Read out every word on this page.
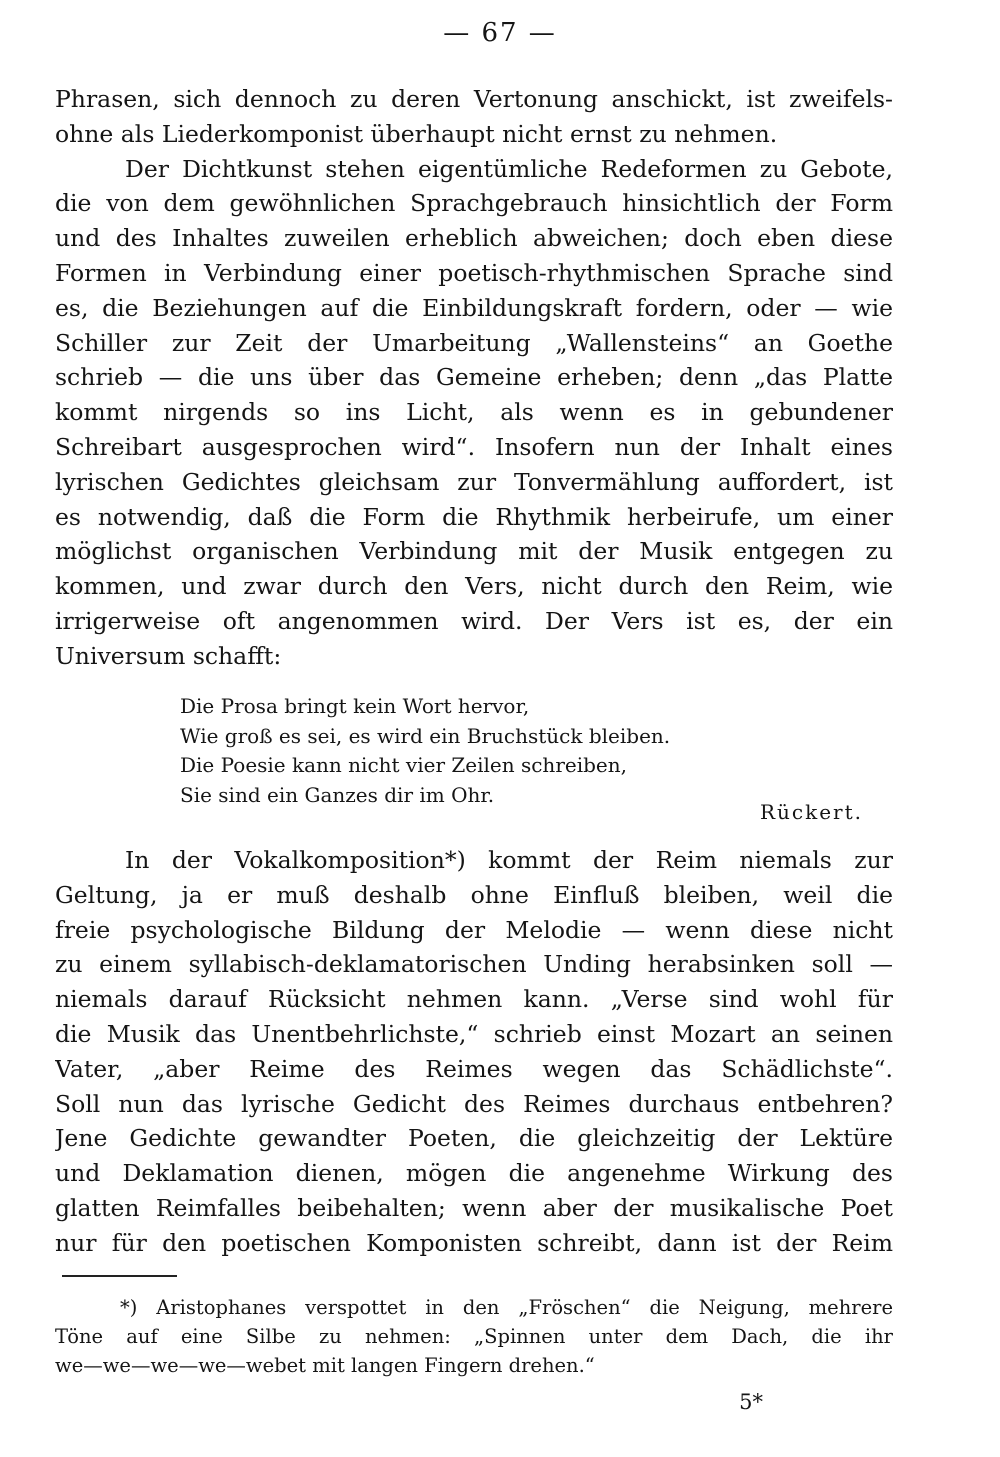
— 67 —
Phrasen, sich dennoch zu deren Vertonung anschickt, ist zweifels-
ohne als Liederkomponist überhaupt nicht ernst zu nehmen.
Der Dichtkunst stehen eigentümliche Redeformen zu Gebote,
die von dem gewöhnlichen Sprachgebrauch hinsichtlich der Form
und des Inhaltes zuweilen erheblich abweichen; doch eben diese
Formen in Verbindung einer poetisch-rhythmischen Sprache sind
es, die Beziehungen auf die Einbildungskraft fordern, oder — wie
Schiller zur Zeit der Umarbeitung „Wallensteins“ an Goethe
schrieb — die uns über das Gemeine erheben; denn „das Platte
kommt nirgends so ins Licht, als wenn es in gebundener
Schreibart ausgesprochen wird“. Insofern nun der Inhalt eines
lyrischen Gedichtes gleichsam zur Tonvermählung auffordert, ist
es notwendig, daß die Form die Rhythmik herbeirufe, um einer
möglichst organischen Verbindung mit der Musik entgegen zu
kommen, und zwar durch den Vers, nicht durch den Reim, wie
irrigerweise oft angenommen wird. Der Vers ist es, der ein
Universum schafft:
Die Prosa bringt kein Wort hervor,
Wie groß es sei, es wird ein Bruchstück bleiben.
Die Poesie kann nicht vier Zeilen schreiben,
Sie sind ein Ganzes dir im Ohr.
Rückert.
In der Vokalkomposition*) kommt der Reim niemals zur
Geltung, ja er muß deshalb ohne Einfluß bleiben, weil die
freie psychologische Bildung der Melodie — wenn diese nicht
zu einem syllabisch-deklamatorischen Unding herabsinken soll —
niemals darauf Rücksicht nehmen kann. „Verse sind wohl für
die Musik das Unentbehrlichste,“ schrieb einst Mozart an seinen
Vater, „aber Reime des Reimes wegen das Schädlichste“.
Soll nun das lyrische Gedicht des Reimes durchaus entbehren?
Jene Gedichte gewandter Poeten, die gleichzeitig der Lektüre
und Deklamation dienen, mögen die angenehme Wirkung des
glatten Reimfalles beibehalten; wenn aber der musikalische Poet
nur für den poetischen Komponisten schreibt, dann ist der Reim
*) Aristophanes verspottet in den „Fröschen“ die Neigung, mehrere
Töne auf eine Silbe zu nehmen: „Spinnen unter dem Dach, die ihr
we—we—we—we—webet mit langen Fingern drehen.“
5*
